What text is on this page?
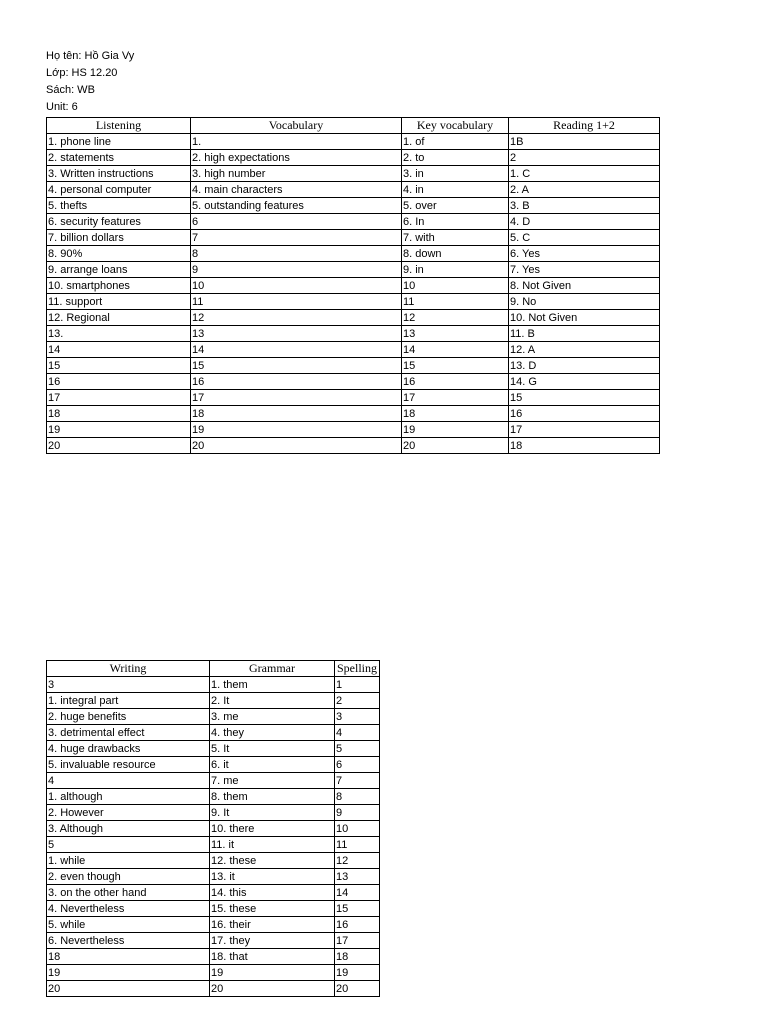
Họ tên: Hồ Gia Vy
Lớp: HS 12.20
Sách: WB
Unit: 6
Listening	Vocabulary	Key vocabulary	Reading 1+2
1. phone line	1.	1. of	1B
2. statements	2. high expectations	2. to	2
3. Written instructions	3. high number	3. in	1. C
4. personal computer	4. main characters	4. in	2. A
5. thefts	5. outstanding features	5. over	3. B
6. security features	6	6. In	4. D
7. billion dollars	7	7. with	5. C
8. 90%	8	8. down	6. Yes
9. arrange loans	9	9. in	7. Yes
10. smartphones	10	10	8. Not Given
11. support	11	11	9. No
12. Regional	12	12	10. Not Given
13.	13	13	11. B
14	14	14	12. A
15	15	15	13. D
16	16	16	14. G
17	17	17	15
18	18	18	16
19	19	19	17
20	20	20	18
Writing	Grammar	Spelling
3	1. them	1
1. integral part	2. It	2
2. huge benefits	3. me	3
3. detrimental effect	4. they	4
4. huge drawbacks	5. It	5
5. invaluable resource	6. it	6
4	7. me	7
1. although	8. them	8
2. However	9. It	9
3. Although	10. there	10
5	11. it	11
1. while	12. these	12
2. even though	13. it	13
3. on the other hand	14. this	14
4. Nevertheless	15. these	15
5. while	16. their	16
6. Nevertheless	17. they	17
18	18. that	18
19	19	19
20	20	20
